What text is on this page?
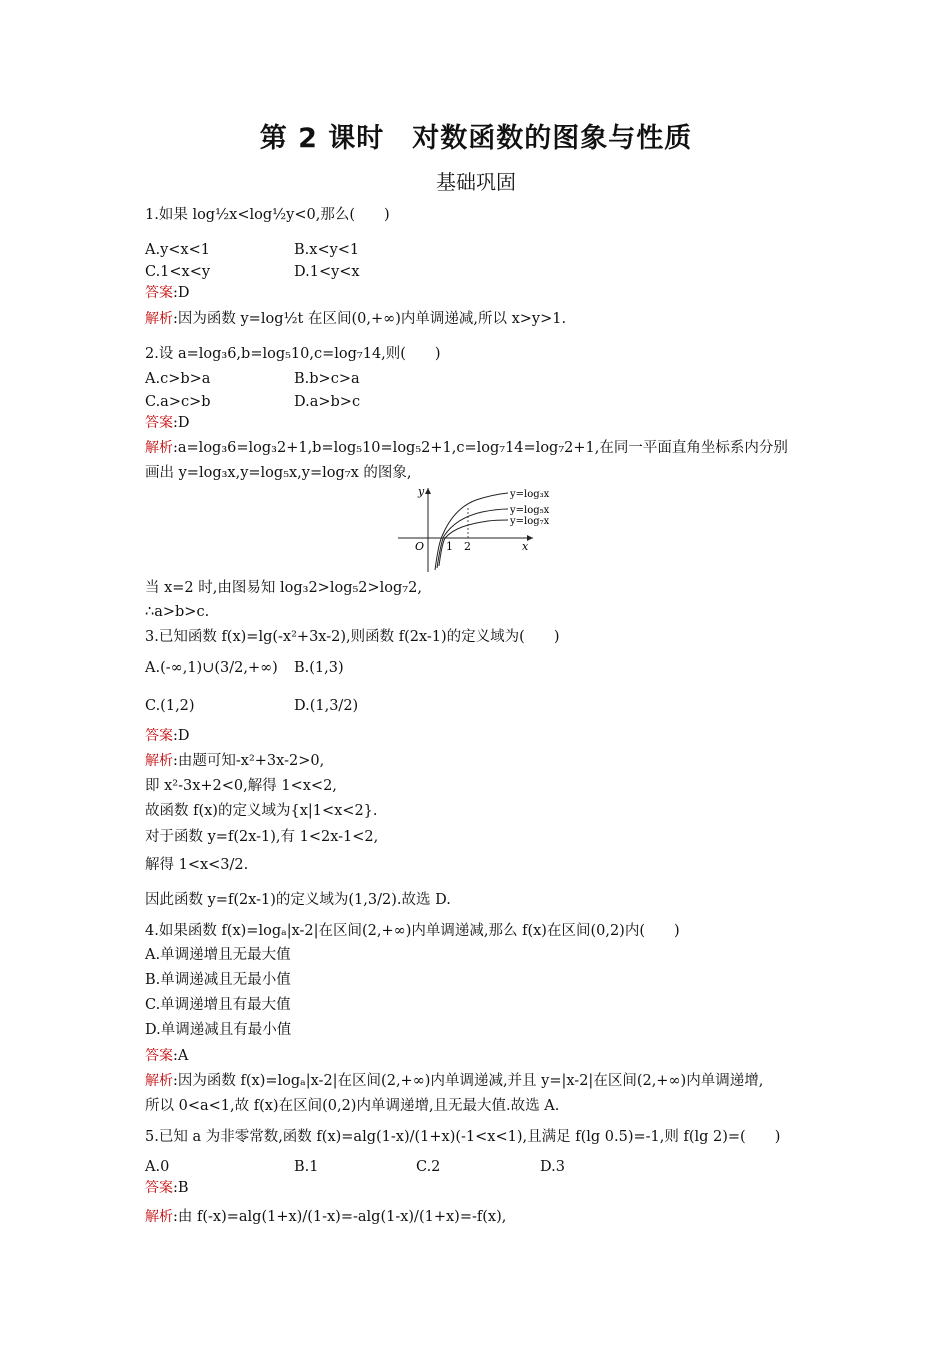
第 2 课时　对数函数的图象与性质
基础巩固
1.如果 log½x<log½y<0,那么(　　)
A.y<x<1	B.x<y<1
C.1<x<y	D.1<y<x
答案:D
解析:因为函数 y=log½t 在区间(0,+∞)内单调递减,所以 x>y>1.
2.设 a=log₃6,b=log₅10,c=log₇14,则(　　)
A.c>b>a	B.b>c>a
C.a>c>b	D.a>b>c
答案:D
解析:a=log₃6=log₃2+1,b=log₅10=log₅2+1,c=log₇14=log₇2+1,在同一平面直角坐标系内分别
画出 y=log₃x,y=log₅x,y=log₇x 的图象,
y
x
O 1 2
y=log₃x
y=log₅x
y=log₇x
当 x=2 时,由图易知 log₃2>log₅2>log₇2,
∴a>b>c.
3.已知函数 f(x)=lg(-x²+3x-2),则函数 f(2x-1)的定义域为(　　)
A.(-∞,1)∪(3/2,+∞) B.(1,3)
C.(1,2)	D.(1,3/2)
答案:D
解析:由题可知-x²+3x-2>0,
即 x²-3x+2<0,解得 1<x<2,
故函数 f(x)的定义域为{x|1<x<2}.
对于函数 y=f(2x-1),有 1<2x-1<2,
解得 1<x<3/2.
因此函数 y=f(2x-1)的定义域为(1,3/2).故选 D.
4.如果函数 f(x)=logₐ|x-2|在区间(2,+∞)内单调递减,那么 f(x)在区间(0,2)内(　　)
A.单调递增且无最大值
B.单调递减且无最小值
C.单调递增且有最大值
D.单调递减且有最小值
答案:A
解析:因为函数 f(x)=logₐ|x-2|在区间(2,+∞)内单调递减,并且 y=|x-2|在区间(2,+∞)内单调递增,
所以 0<a<1,故 f(x)在区间(0,2)内单调递增,且无最大值.故选 A.
5.已知 a 为非零常数,函数 f(x)=alg(1-x)/(1+x)(-1<x<1),且满足 f(lg 0.5)=-1,则 f(lg 2)=(　　)
A.0	B.1	C.2	D.3
答案:B
解析:由 f(-x)=alg(1+x)/(1-x)=-alg(1-x)/(1+x)=-f(x),
